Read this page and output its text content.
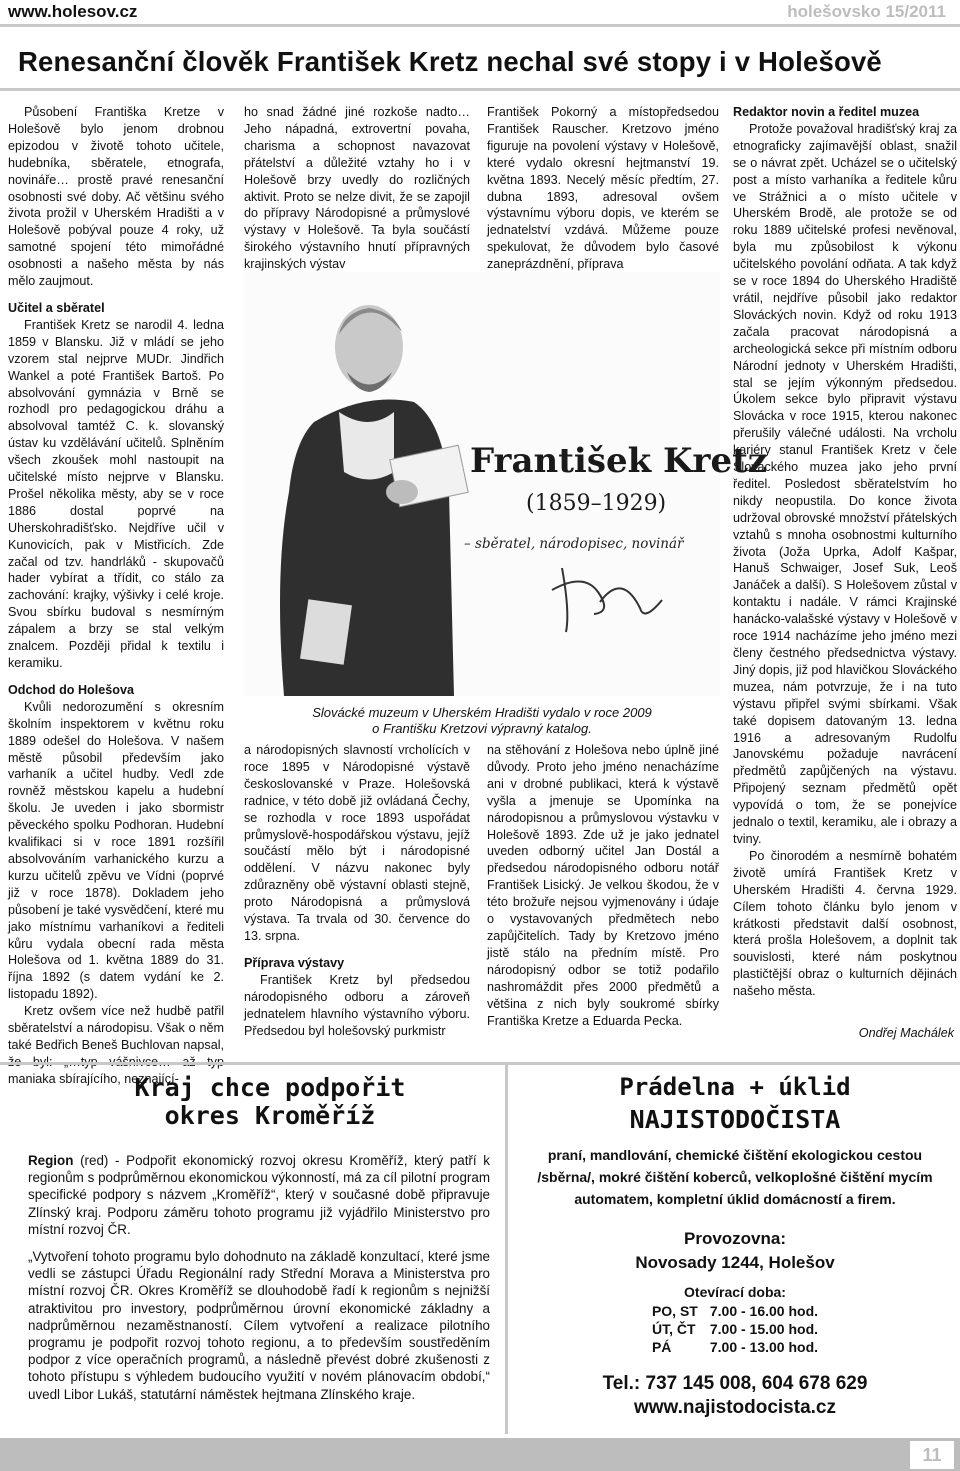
www.holesov.cz	holešovsko 15/2011
Renesanční člověk František Kretz nechal své stopy i v Holešově

Působení Františka Kretze v Holešově bylo jenom drobnou epizodou v životě tohoto učitele, hudebníka, sběratele, etnografa, novináře… prostě pravé renesanční osobnosti své doby. Ač většinu svého života prožil v Uherském Hradišti a v Holešově pobýval pouze 4 roky, už samotné spojení této mimořádné osobnosti a našeho města by nás mělo zaujmout.

Učitel a sběratel

František Kretz se narodil 4. ledna 1859 v Blansku. Již v mládí se jeho vzorem stal nejprve MUDr. Jindřich Wankel a poté František Bartoš. Po absolvování gymnázia v Brně se rozhodl pro pedagogickou dráhu a absolvoval tamtéž C. k. slovanský ústav ku vzdělávání učitelů. Splněním všech zkoušek mohl nastoupit na učitelské místo nejprve v Blansku. Prošel několika městy, aby se v roce 1886 dostal poprvé na Uherskohradišťsko. Nejdříve učil v Kunovicích, pak v Mistřicích. Zde začal od tzv. handrláků - skupovačů hader vybírat a třídit, co stálo za zachování: krajky, výšivky i celé kroje. Svou sbírku budoval s nesmírným zápalem a brzy se stal velkým znalcem. Později přidal k textilu i keramiku.

Odchod do Holešova

Kvůli nedorozumění s okresním školním inspektorem v květnu roku 1889 odešel do Holešova. V našem městě působil především jako varhaník a učitel hudby. Vedl zde rovněž městskou kapelu a hudební školu. Je uveden i jako sbormistr pěveckého spolku Podhoran. Hudební kvalifikaci si v roce 1891 rozšířil absolvováním varhanického kurzu a kurzu učitelů zpěvu ve Vídni (poprvé již v roce 1878). Dokladem jeho působení je také vysvědčení, které mu jako místnímu varhaníkovi a řediteli kůru vydala obecní rada města Holešova od 1. května 1889 do 31. října 1892 (s datem vydání ke 2. listopadu 1892).

Kretz ovšem více než hudbě patřil sběratelství a národopisu. Však o něm také Bedřich Beneš Buchlovan napsal, maniaka sbírajícího, neznající-

ho snad žádné jiné rozkoše nadto… Jeho nápadná, extrovertní povaha, charisma a schopnost navazovat přátelství a důležité vztahy ho i v Holešově brzy uvedly do rozličných aktivit. Proto se nelze divit, že se zapojil do přípravy Národopisné a průmyslové výstavy v Holešově. Ta byla součástí širokého výstavního hnutí přípravných krajinských výstav

František Pokorný a místopředsedou František Rauscher. Kretzovo jméno figuruje na povolení výstavy v Holešově, které vydalo okresní hejtmanství 19. května 1893. Necelý měsíc předtím, 27. dubna 1893, adresoval ovšem výstavnímu výboru dopis, ve kterém se jednatelství vzdává. Můžeme pouze spekulovat, že důvodem bylo časové zaneprázdnění, příprava

Redaktor novin a ředitel muzea

Protože považoval hradišťský kraj za etnograficky zajímavější oblast, snažil se o návrat zpět. Ucházel se o učitelský post a místo varhaníka a ředitele kůru ve Strážnici a o místo učitele v Uherském Brodě, ale protože se od roku 1889 učitelské profesi nevěnoval, byla mu způsobilost k výkonu učitelského povolání odňata. A tak když se v roce 1894 do Uherského Hradiště vrátil, nejdříve působil jako redaktor Slováckých novin. Když od roku 1913 začala pracovat národopisná a archeologická sekce při místním odboru Národní jednoty v Uherském Hradišti, stal se jejím výkonným předsedou. Úkolem sekce bylo připravit výstavu Slovácka v roce 1915, kterou nakonec přerušily válečné události. Na vrcholu kariéry stanul František Kretz v čele Slováckého muzea jako jeho první ředitel. Posledost sběratelstvím ho nikdy neopustila. Do konce života udržoval obrovské množství přátelských vztahů s mnoha osobnostmi kulturního života (Joža Uprka, Adolf Kašpar, Hanuš Schwaiger, Josef Suk, Leoš Janáček a další). S Holešovem zůstal v kontaktu i nadále. V rámci Krajinské hanácko-valašské výstavy v Holešově v roce 1914 nacházíme jeho jméno mezi členy čestného předsednictva výstavy. Jiný dopis, již pod hlavičkou Slováckého muzea, nám potvrzuje, že i na tuto výstavu připřel svými sbírkami. Však také dopisem datovaným 13. ledna 1916 a adresovaným Rudolfu Janovskému požaduje navrácení předmětů zapůjčených na výstavu. Připojený seznam předmětů opět vypovídá o tom, že se ponejvíce jednalo o textil, keramiku, ale i obrazy a tviny.

Po činorodém a nesmírně bohatém životě umírá František Kretz v Uherském Hradišti 4. června 1929. Cílem tohoto článku bylo jenom v krátkosti představit další osobnost, která prošla Holešovem, a doplnit tak souvislosti, které nám poskytnou plastičtější obraz o kulturních dějinách našeho města.

František Kretz
(1859–1929)
– sběratel, národopisec, novinář
F. Kretz
Slovácké muzeum v Uherském Hradišti vydalo v roce 2009
o Františku Kretzovi výpravný katalog.

a národopisných slavností vrcholících v roce 1895 v Národopisné výstavě českoslovanské v Praze. Holešovská radnice, v této době již ovládaná Čechy, se rozhodla v roce 1893 uspořádat průmyslově-hospodářskou výstavu, jejíž součástí mělo být i národopisné oddělení. V názvu nakonec byly zdůrazněny obě výstavní oblasti stejně, proto Národopisná a průmyslová výstava. Ta trvala od 30. července do 13. srpna.

Příprava výstavy

František Kretz byl předsedou národopisného odboru a zároveň jednatelem hlavního výstavního výboru. Předsedou byl holešovský purkmistr

na stěhování z Holešova nebo úplně jiné důvody. Proto jeho jméno nenacházíme ani v drobné publikaci, která k výstavě vyšla a jmenuje se Upomínka na národopisnou a průmyslovou výstavku v Holešově 1893. Zde už je jako jednatel uveden odborný učitel Jan Dostál a předsedou národopisného odboru notář František Lisický. Je velkou škodou, že v této brožuře nejsou vyjmenovány i údaje o vystavovaných předmětech nebo zapůjčitelích. Tady by Kretzovo jméno jistě stálo na předním místě. Pro národopisný odbor se totiž podařilo nashromáždit přes 2000 předmětů a většina z nich byly soukromé sbírky Františka Kretze a Eduarda Pecka.

Ondřej Machálek
Kraj chce podpořit
okres Kroměříž

Region (red) - Podpořit ekonomický rozvoj okresu Kroměříž, který patří k regionům s podprůměrnou ekonomickou výkonností, má za cíl pilotní program specifické podpory s názvem „Kroměříž“, který v současné době připravuje Zlínský kraj. Podporu záměru tohoto programu již vyjádřilo Ministerstvo pro místní rozvoj ČR.

„Vytvoření tohoto programu bylo dohodnuto na základě konzultací, které jsme vedli se zástupci Úřadu Regionální rady Střední Morava a Ministerstva pro místní rozvoj ČR. Okres Kroměříž se dlouhodobě řadí k regionům s nejnižší atraktivitou pro investory, podprůměrnou úrovní ekonomické základny a nadprůměrnou nezaměstnaností. Cílem vytvoření a realizace pilotního programu je podpořit rozvoj tohoto regionu, a to především soustředěním podpor z více operačních programů, a následně převést dobré zkušenosti z tohoto přístupu s výhledem budoucího využití v novém plánovacím období,“ uvedl Libor Lukáš, statutární náměstek hejtmana Zlínského kraje.

Prádelna + úklid
NAJISTODOČISTA
praní, mandlování, chemické čištění ekologickou cestou /sběrna/, mokré čištění koberců, velkoplošné čištění mycím automatem, kompletní úklid domácností a firem.
Provozovna:
Novosady 1244, Holešov
Otevírací doba:
PO, ST	7.00 - 16.00 hod.
ÚT, ČT	7.00 - 15.00 hod.
PÁ	7.00 - 13.00 hod.
Tel.: 737 145 008, 604 678 629
www.najistodocista.cz
11
